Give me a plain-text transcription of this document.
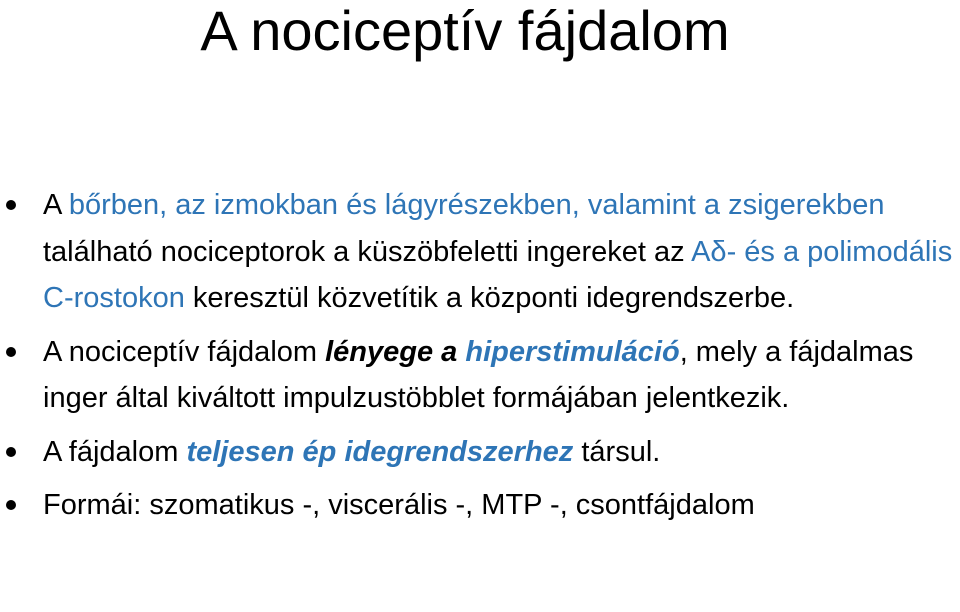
A nociceptív fájdalom
A bőrben, az izmokban és lágyrészekben, valamint a zsigerekben található nociceptorok a küszöbfeletti ingereket az Aδ- és a polimodális C-rostokon keresztül közvetítik a központi idegrendszerbe.
A nociceptív fájdalom lényege a hiperstimuláció, mely a fájdalmas inger által kiváltott impulzustöbblet formájában jelentkezik.
A fájdalom teljesen ép idegrendszerhez társul.
Formái: szomatikus -, viscerális -, MTP -, csontfájdalom
